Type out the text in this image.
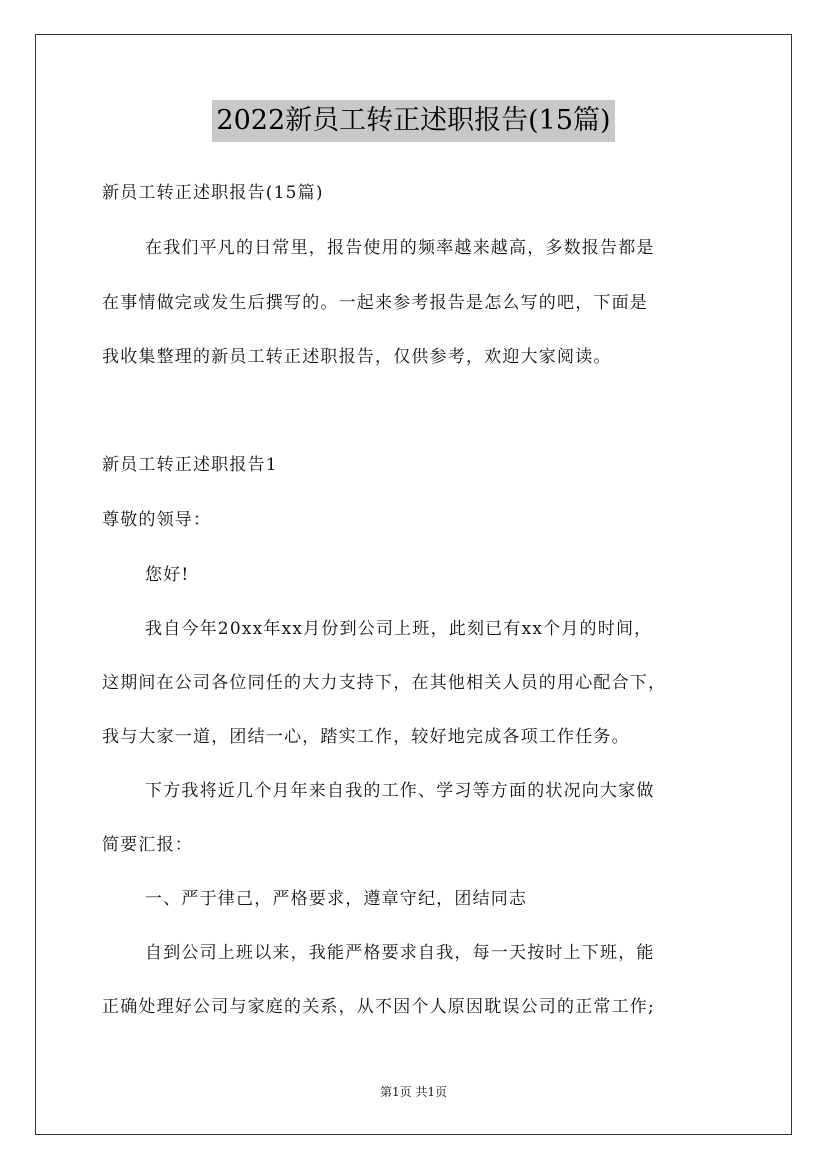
2022新员工转正述职报告(15篇)
新员工转正述职报告(15篇)
在我们平凡的日常里，报告使用的频率越来越高，多数报告都是
在事情做完或发生后撰写的。一起来参考报告是怎么写的吧，下面是
我收集整理的新员工转正述职报告，仅供参考，欢迎大家阅读。
新员工转正述职报告1
尊敬的领导：
您好!
我自今年20xx年xx月份到公司上班，此刻已有xx个月的时间，
这期间在公司各位同任的大力支持下，在其他相关人员的用心配合下，
我与大家一道，团结一心，踏实工作，较好地完成各项工作任务。
下方我将近几个月年来自我的工作、学习等方面的状况向大家做
简要汇报：
一、严于律己，严格要求，遵章守纪，团结同志
自到公司上班以来，我能严格要求自我，每一天按时上下班，能
正确处理好公司与家庭的关系，从不因个人原因耽误公司的正常工作;
第1页 共1页
